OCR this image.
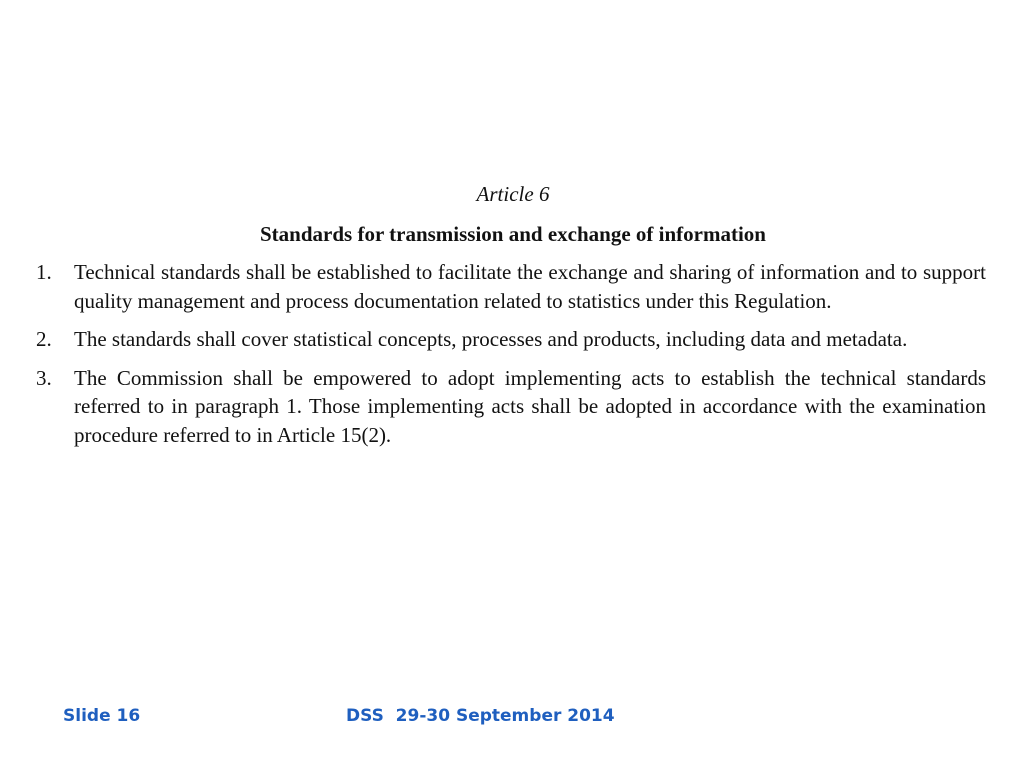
Article 6
Standards for transmission and exchange of information
1. Technical standards shall be established to facilitate the exchange and sharing of information and to support quality management and process documentation related to statistics under this Regulation.
2. The standards shall cover statistical concepts, processes and products, including data and metadata.
3. The Commission shall be empowered to adopt implementing acts to establish the technical standards referred to in paragraph 1. Those implementing acts shall be adopted in accordance with the examination procedure referred to in Article 15(2).
Slide 16	DSS  29-30 September 2014
